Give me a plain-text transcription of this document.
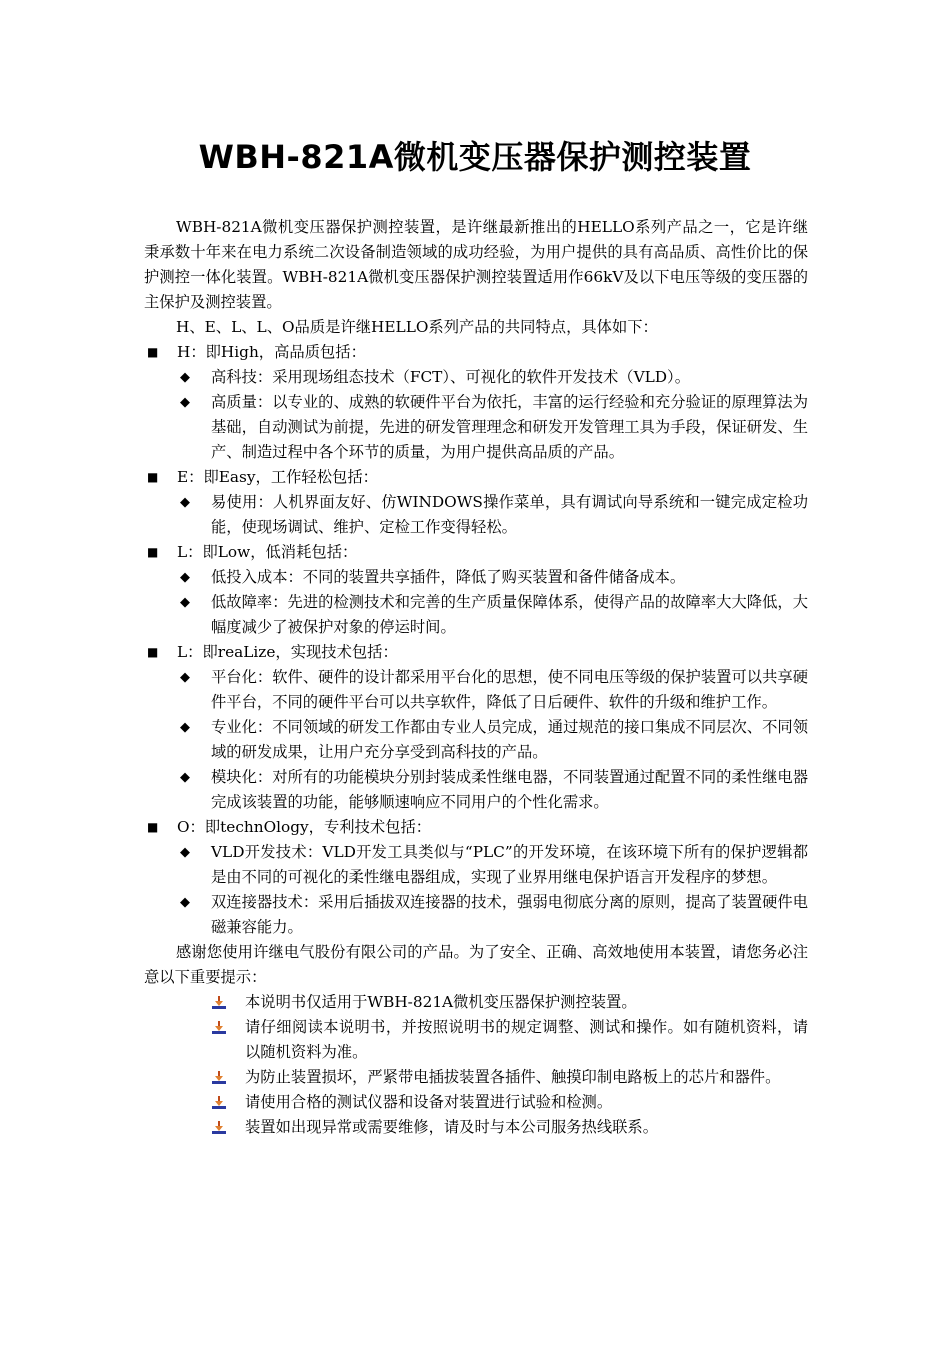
WBH-821A微机变压器保护测控装置

WBH-821A微机变压器保护测控装置，是许继最新推出的HELLO系列产品之一，它是许继秉承数十年来在电力系统二次设备制造领域的成功经验，为用户提供的具有高品质、高性价比的保护测控一体化装置。WBH-821A微机变压器保护测控装置适用作66kV及以下电压等级的变压器的主保护及测控装置。

H、E、L、L、O品质是许继HELLO系列产品的共同特点，具体如下：

■ H：即High，高品质包括：

◆ 高科技：采用现场组态技术（FCT）、可视化的软件开发技术（VLD）。

◆ 高质量：以专业的、成熟的软硬件平台为依托，丰富的运行经验和充分验证的原理算法为基础，自动测试为前提，先进的研发管理理念和研发开发管理工具为手段，保证研发、生产、制造过程中各个环节的质量，为用户提供高品质的产品。

■ E：即Easy，工作轻松包括：

◆ 易使用：人机界面友好、仿WINDOWS操作菜单，具有调试向导系统和一键完成定检功能，使现场调试、维护、定检工作变得轻松。

■ L：即Low，低消耗包括：

◆ 低投入成本：不同的装置共享插件，降低了购买装置和备件储备成本。

◆ 低故障率：先进的检测技术和完善的生产质量保障体系，使得产品的故障率大大降低，大幅度减少了被保护对象的停运时间。

■ L：即reaLize，实现技术包括：

◆ 平台化：软件、硬件的设计都采用平台化的思想，使不同电压等级的保护装置可以共享硬件平台，不同的硬件平台可以共享软件，降低了日后硬件、软件的升级和维护工作。

◆ 专业化：不同领域的研发工作都由专业人员完成，通过规范的接口集成不同层次、不同领域的研发成果，让用户充分享受到高科技的产品。

◆ 模块化：对所有的功能模块分别封装成柔性继电器，不同装置通过配置不同的柔性继电器完成该装置的功能，能够顺速响应不同用户的个性化需求。

■ O：即technOlogy，专利技术包括：

◆ VLD开发技术：VLD开发工具类似与“PLC”的开发环境，在该环境下所有的保护逻辑都是由不同的可视化的柔性继电器组成，实现了业界用继电保护语言开发程序的梦想。

◆ 双连接器技术：采用后插拔双连接器的技术，强弱电彻底分离的原则，提高了装置硬件电磁兼容能力。

感谢您使用许继电气股份有限公司的产品。为了安全、正确、高效地使用本装置，请您务必注意以下重要提示：

本说明书仅适用于WBH-821A微机变压器保护测控装置。

请仔细阅读本说明书，并按照说明书的规定调整、测试和操作。如有随机资料，请以随机资料为准。

为防止装置损坏，严紧带电插拔装置各插件、触摸印制电路板上的芯片和器件。

请使用合格的测试仪器和设备对装置进行试验和检测。

装置如出现异常或需要维修，请及时与本公司服务热线联系。
